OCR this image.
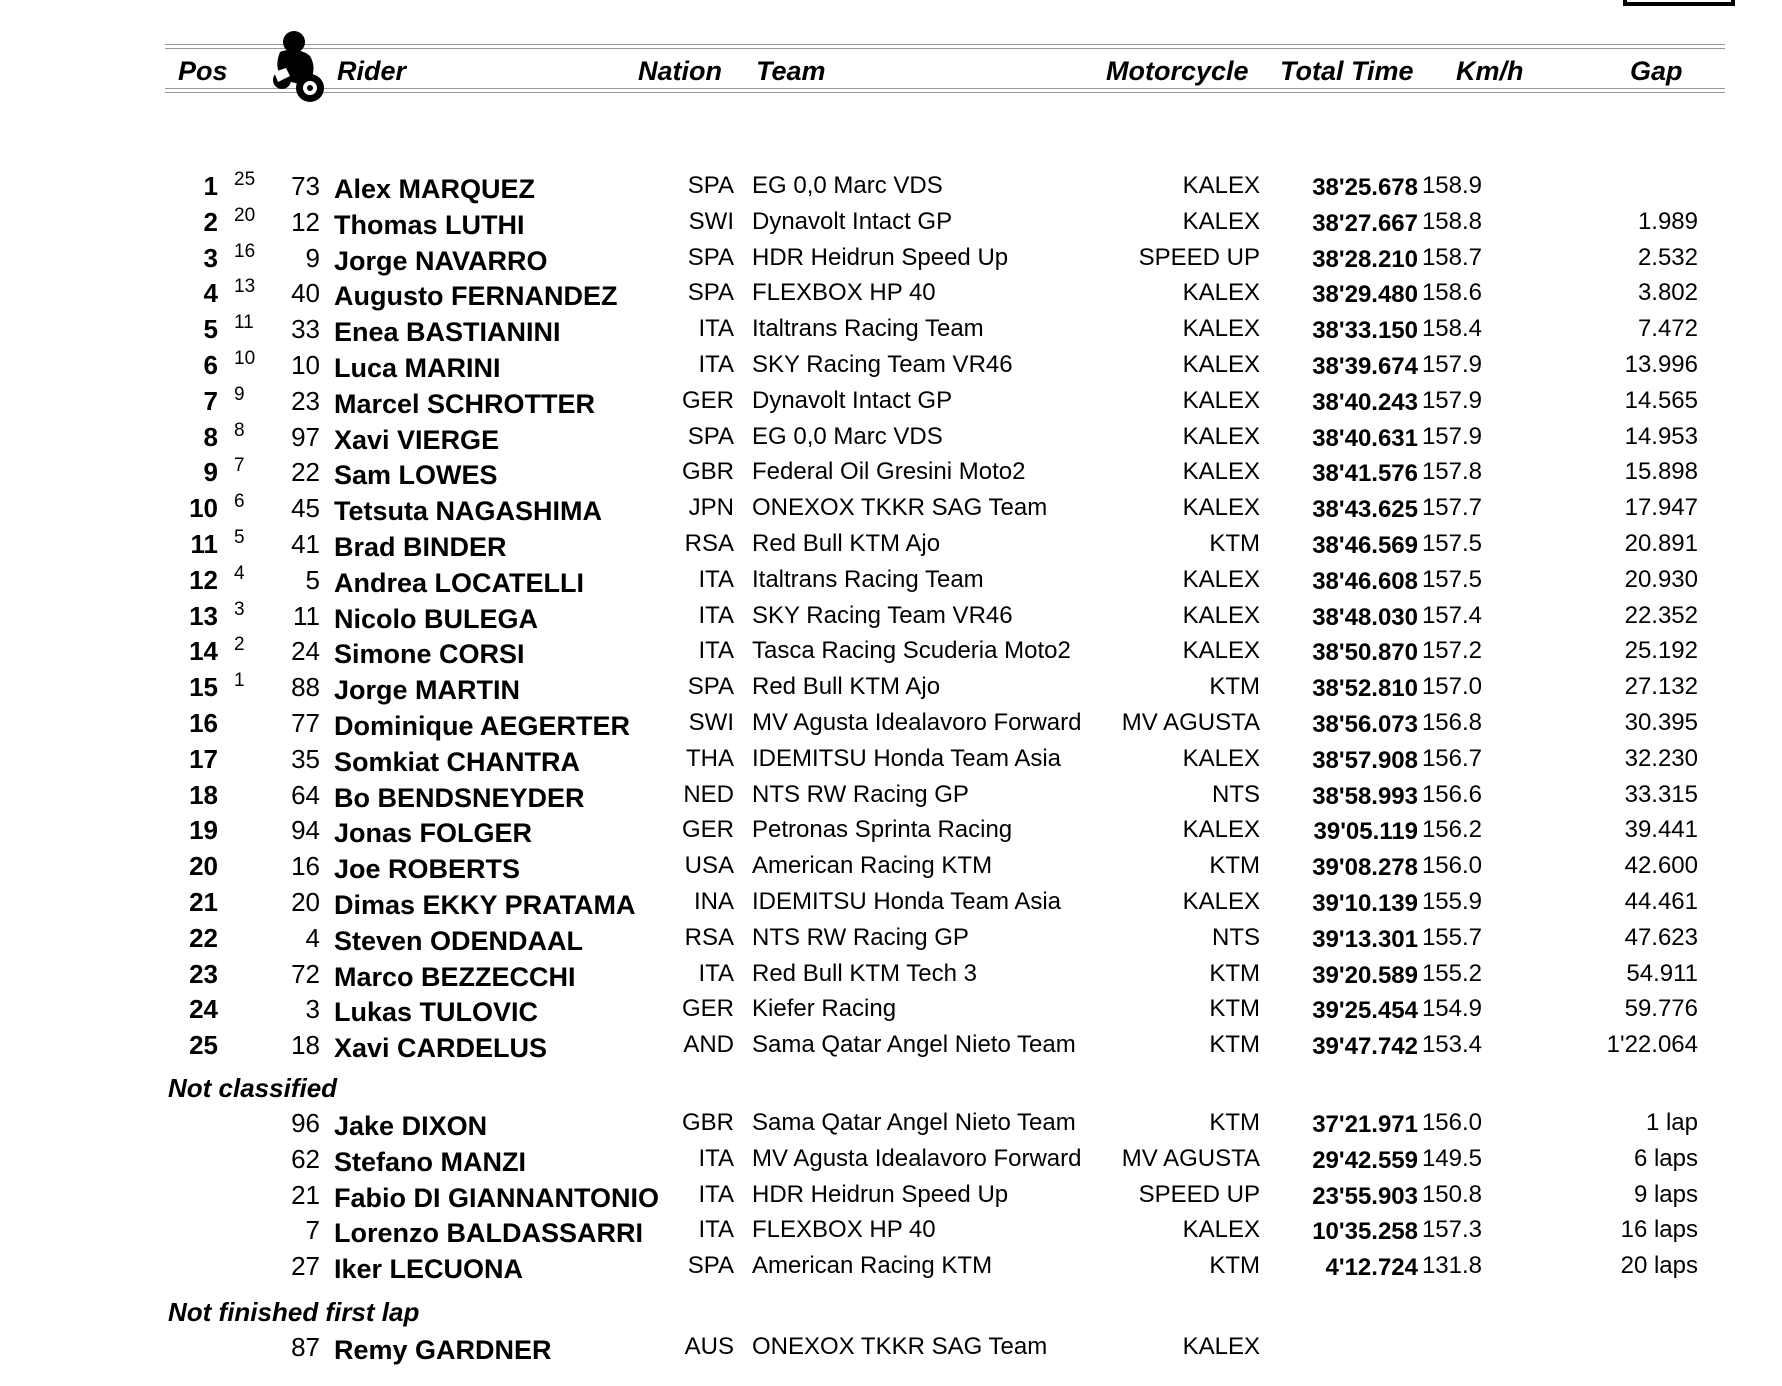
Pos	Rider	Nation Team	Motorcycle Total Time Km/h	Gap
1 25	73 Alex MARQUEZ	SPA EG 0,0 Marc VDS	KALEX	38'25.678 158.9
2 20	12 Thomas LUTHI	SWI Dynavolt Intact GP	KALEX	38'27.667 158.8	1.989
3 16	9 Jorge NAVARRO	SPA HDR Heidrun Speed Up	SPEED UP	38'28.210 158.7	2.532
4 13	40 Augusto FERNANDEZ	SPA FLEXBOX HP 40	KALEX	38'29.480 158.6	3.802
5 11	33 Enea BASTIANINI	ITA Italtrans Racing Team	KALEX	38'33.150 158.4	7.472
6 10	10 Luca MARINI	ITA SKY Racing Team VR46	KALEX	38'39.674 157.9	13.996
7 9	23 Marcel SCHROTTER	GER Dynavolt Intact GP	KALEX	38'40.243 157.9	14.565
8 8	97 Xavi VIERGE	SPA EG 0,0 Marc VDS	KALEX	38'40.631 157.9	14.953
9 7	22 Sam LOWES	GBR Federal Oil Gresini Moto2	KALEX	38'41.576 157.8	15.898
10 6	45 Tetsuta NAGASHIMA	JPN ONEXOX TKKR SAG Team	KALEX	38'43.625 157.7	17.947
11 5	41 Brad BINDER	RSA Red Bull KTM Ajo	KTM	38'46.569 157.5	20.891
12 4	5 Andrea LOCATELLI	ITA Italtrans Racing Team	KALEX	38'46.608 157.5	20.930
13 3	11 Nicolo BULEGA	ITA SKY Racing Team VR46	KALEX	38'48.030 157.4	22.352
14 2	24 Simone CORSI	ITA Tasca Racing Scuderia Moto2	KALEX	38'50.870 157.2	25.192
15 1	88 Jorge MARTIN	SPA Red Bull KTM Ajo	KTM	38'52.810 157.0	27.132
16	77 Dominique AEGERTER	SWI MV Agusta Idealavoro Forward	MV AGUSTA	38'56.073 156.8	30.395
17	35 Somkiat CHANTRA	THA IDEMITSU Honda Team Asia	KALEX	38'57.908 156.7	32.230
18	64 Bo BENDSNEYDER	NED NTS RW Racing GP	NTS	38'58.993 156.6	33.315
19	94 Jonas FOLGER	GER Petronas Sprinta Racing	KALEX	39'05.119 156.2	39.441
20	16 Joe ROBERTS	USA American Racing KTM	KTM	39'08.278 156.0	42.600
21	20 Dimas EKKY PRATAMA	INA IDEMITSU Honda Team Asia	KALEX	39'10.139 155.9	44.461
22	4 Steven ODENDAAL	RSA NTS RW Racing GP	NTS	39'13.301 155.7	47.623
23	72 Marco BEZZECCHI	ITA Red Bull KTM Tech 3	KTM	39'20.589 155.2	54.911
24	3 Lukas TULOVIC	GER Kiefer Racing	KTM	39'25.454 154.9	59.776
25	18 Xavi CARDELUS	AND Sama Qatar Angel Nieto Team	KTM	39'47.742 153.4	1'22.064
96 Jake DIXON	GBR Sama Qatar Angel Nieto Team	KTM	37'21.971 156.0	1 lap
62 Stefano MANZI	ITA MV Agusta Idealavoro Forward	MV AGUSTA	29'42.559 149.5	6 laps
21 Fabio DI GIANNANTONIO	ITA HDR Heidrun Speed Up	SPEED UP	23'55.903 150.8	9 laps
7 Lorenzo BALDASSARRI	ITA FLEXBOX HP 40	KALEX	10'35.258 157.3	16 laps
27 Iker LECUONA	SPA American Racing KTM	KTM	4'12.724 131.8	20 laps
87 Remy GARDNER	AUS ONEXOX TKKR SAG Team	KALEX
Not classified
Not finished first lap
